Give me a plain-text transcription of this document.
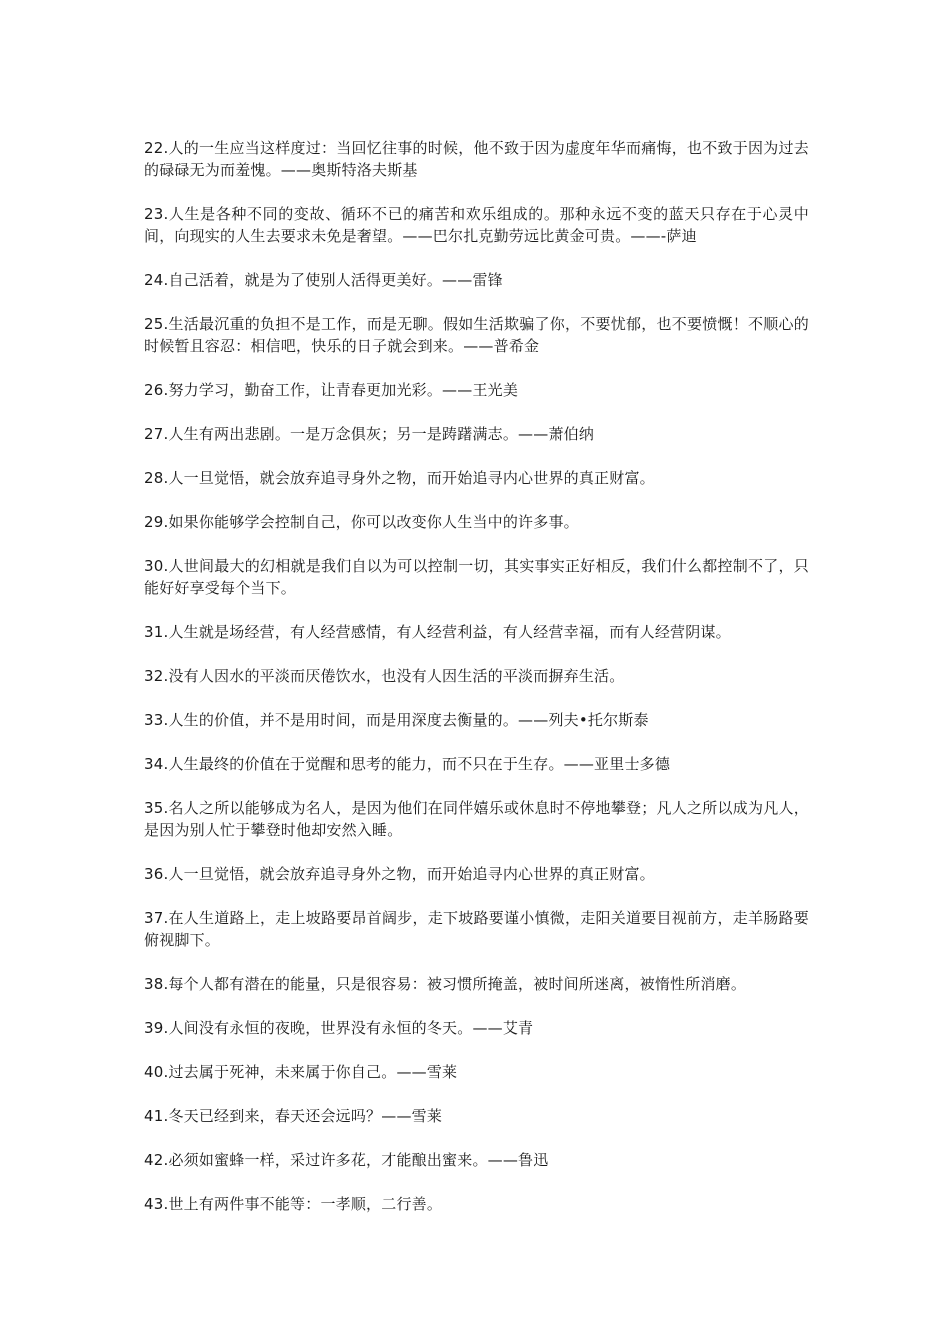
22.人的一生应当这样度过：当回忆往事的时候，他不致于因为虚度年华而痛悔，也不致于因为过去的碌碌无为而羞愧。——奥斯特洛夫斯基

23.人生是各种不同的变故、循环不已的痛苦和欢乐组成的。那种永远不变的蓝天只存在于心灵中间，向现实的人生去要求未免是奢望。——巴尔扎克勤劳远比黄金可贵。——-萨迪

24.自己活着，就是为了使别人活得更美好。——雷锋

25.生活最沉重的负担不是工作，而是无聊。假如生活欺骗了你，不要忧郁，也不要愤慨！不顺心的时候暂且容忍：相信吧，快乐的日子就会到来。——普希金

26.努力学习，勤奋工作，让青春更加光彩。——王光美

27.人生有两出悲剧。一是万念俱灰；另一是踌躇满志。——萧伯纳

28.人一旦觉悟，就会放弃追寻身外之物，而开始追寻内心世界的真正财富。

29.如果你能够学会控制自己，你可以改变你人生当中的许多事。

30.人世间最大的幻相就是我们自以为可以控制一切，其实事实正好相反，我们什么都控制不了，只能好好享受每个当下。

31.人生就是场经营，有人经营感情，有人经营利益，有人经营幸福，而有人经营阴谋。

32.没有人因水的平淡而厌倦饮水，也没有人因生活的平淡而摒弃生活。

33.人生的价值，并不是用时间，而是用深度去衡量的。——列夫•托尔斯泰

34.人生最终的价值在于觉醒和思考的能力，而不只在于生存。——亚里士多德

35.名人之所以能够成为名人，是因为他们在同伴嬉乐或休息时不停地攀登；凡人之所以成为凡人，是因为别人忙于攀登时他却安然入睡。

36.人一旦觉悟，就会放弃追寻身外之物，而开始追寻内心世界的真正财富。

37.在人生道路上，走上坡路要昂首阔步，走下坡路要谨小慎微，走阳关道要目视前方，走羊肠路要俯视脚下。

38.每个人都有潜在的能量，只是很容易：被习惯所掩盖，被时间所迷离，被惰性所消磨。

39.人间没有永恒的夜晚，世界没有永恒的冬天。——艾青

40.过去属于死神，未来属于你自己。——雪莱

41.冬天已经到来，春天还会远吗？——雪莱

42.必须如蜜蜂一样，采过许多花，才能酿出蜜来。——鲁迅

43.世上有两件事不能等：一孝顺，二行善。
